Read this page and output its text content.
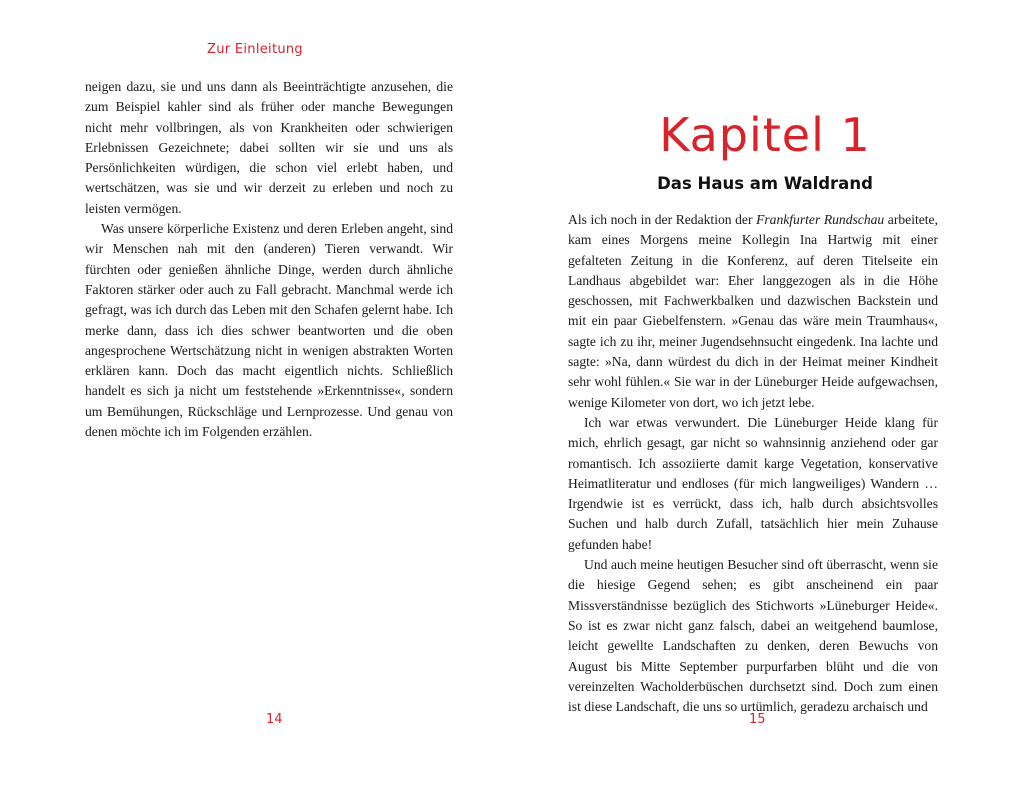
Zur Einleitung

neigen dazu, sie und uns dann als Beeinträchtigte anzusehen, die zum Beispiel kahler sind als früher oder manche Bewegungen nicht mehr vollbringen, als von Krankheiten oder schwierigen Erlebnissen Gezeichnete; dabei sollten wir sie und uns als Persönlichkeiten würdigen, die schon viel erlebt haben, und wertschätzen, was sie und wir derzeit zu erleben und noch zu leisten vermögen.

Was unsere körperliche Existenz und deren Erleben angeht, sind wir Menschen nah mit den (anderen) Tieren verwandt. Wir fürchten oder genießen ähnliche Dinge, werden durch ähnliche Faktoren stärker oder auch zu Fall gebracht. Manchmal werde ich gefragt, was ich durch das Leben mit den Schafen gelernt habe. Ich merke dann, dass ich dies schwer beantworten und die oben angesprochene Wertschätzung nicht in wenigen abstrakten Worten erklären kann. Doch das macht eigentlich nichts. Schließlich handelt es sich ja nicht um feststehende »Erkenntnisse«, sondern um Bemühungen, Rückschläge und Lernprozesse. Und genau von denen möchte ich im Folgenden erzählen.

14
Kapitel 1
Das Haus am Waldrand

Als ich noch in der Redaktion der Frankfurter Rundschau arbeitete, kam eines Morgens meine Kollegin Ina Hartwig mit einer gefalteten Zeitung in die Konferenz, auf deren Titelseite ein Landhaus abgebildet war: Eher langgezogen als in die Höhe geschossen, mit Fachwerkbalken und dazwischen Backstein und mit ein paar Giebelfenstern. »Genau das wäre mein Traumhaus«, sagte ich zu ihr, meiner Jugendsehnsucht eingedenk. Ina lachte und sagte: »Na, dann würdest du dich in der Heimat meiner Kindheit sehr wohl fühlen.« Sie war in der Lüneburger Heide aufgewachsen, wenige Kilometer von dort, wo ich jetzt lebe.

Ich war etwas verwundert. Die Lüneburger Heide klang für mich, ehrlich gesagt, gar nicht so wahnsinnig anziehend oder gar romantisch. Ich assoziierte damit karge Vegetation, konservative Heimatliteratur und endloses (für mich langweiliges) Wandern … Irgendwie ist es verrückt, dass ich, halb durch absichtsvolles Suchen und halb durch Zufall, tatsächlich hier mein Zuhause gefunden habe!

Und auch meine heutigen Besucher sind oft überrascht, wenn sie die hiesige Gegend sehen; es gibt anscheinend ein paar Missverständnisse bezüglich des Stichworts »Lüneburger Heide«. So ist es zwar nicht ganz falsch, dabei an weitgehend baumlose, leicht gewellte Landschaften zu denken, deren Bewuchs von August bis Mitte September purpurfarben blüht und die von vereinzelten Wacholderbüschen durchsetzt sind. Doch zum einen ist diese Landschaft, die uns so urtümlich, geradezu archaisch und

15
